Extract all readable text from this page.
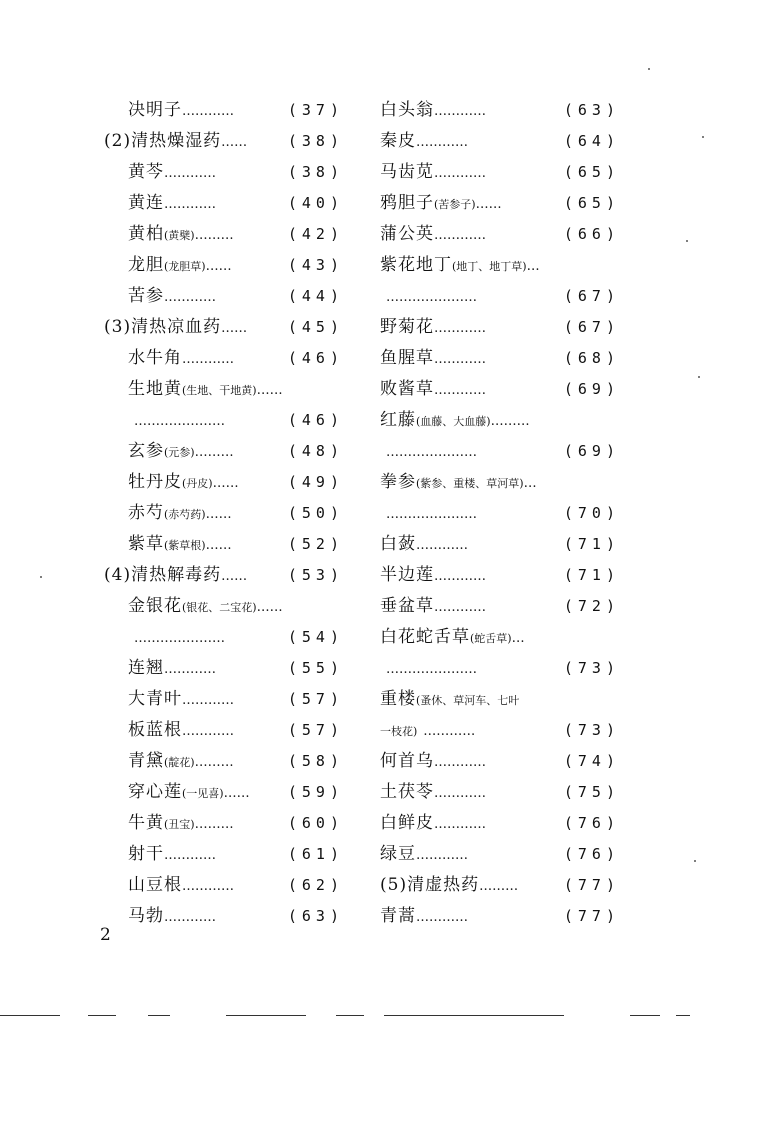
决明子…………	(37)
(2)清热燥湿药……	(38)
黄芩…………	(38)
黄连…………	(40)
黄柏(黄檗)………	(42)
龙胆(龙胆草)……	(43)
苦参…………	(44)
(3)清热凉血药……	(45)
水牛角…………	(46)
生地黄(生地、干地黄)……
…………………	(46)
玄参(元参)………	(48)
牡丹皮(丹皮)……	(49)
赤芍(赤芍药)……	(50)
紫草(紫草根)……	(52)
(4)清热解毒药……	(53)
金银花(银花、二宝花)……
…………………	(54)
连翘…………	(55)
大青叶…………	(57)
板蓝根…………	(57)
青黛(靛花)………	(58)
穿心莲(一见喜)……	(59)
牛黄(丑宝)………	(60)
射干…………	(61)
山豆根…………	(62)
马勃…………	(63)
白头翁…………	(63)
秦皮…………	(64)
马齿苋…………	(65)
鸦胆子(苦参子)……	(65)
蒲公英…………	(66)
紫花地丁(地丁、地丁草)…
…………………	(67)
野菊花…………	(67)
鱼腥草…………	(68)
败酱草…………	(69)
红藤(血藤、大血藤)………
…………………	(69)
拳参(紫参、重楼、草河草)…
…………………	(70)
白蔹…………	(71)
半边莲…………	(71)
垂盆草…………	(72)
白花蛇舌草(蛇舌草)…
…………………	(73)
重楼(蚤休、草河车、七叶
一枝花) …………	(73)
何首乌…………	(74)
土茯苓…………	(75)
白鲜皮…………	(76)
绿豆…………	(76)
(5)清虚热药………	(77)
青蒿…………	(77)
2
